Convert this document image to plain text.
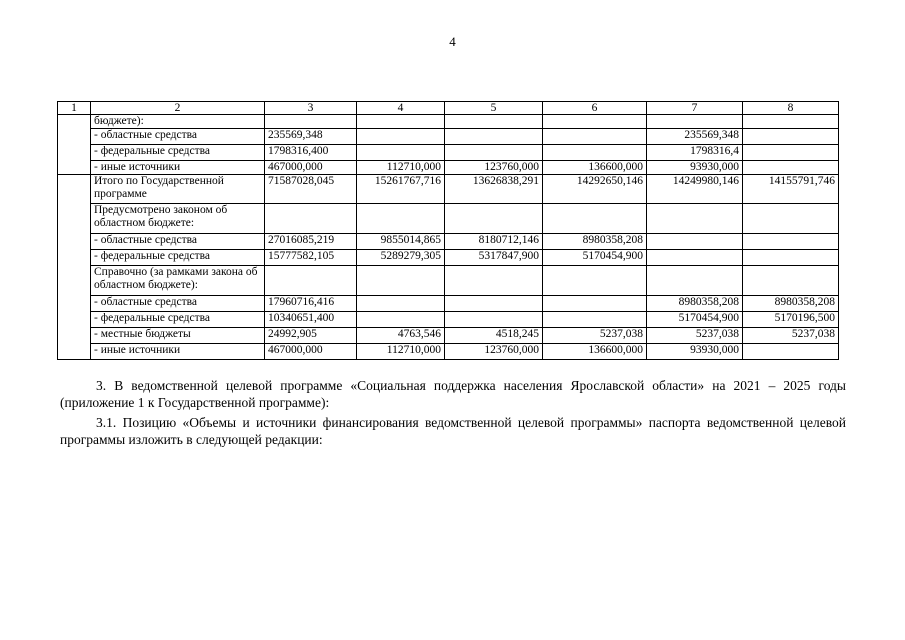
4
1	2	3	4	5	6	7	8
	бюджете):						
	- областные средства	235569,348				235569,348	
	- федеральные средства	1798316,400				1798316,4	
	- иные источники	467000,000	112710,000	123760,000	136600,000	93930,000	
	Итого по Государственной программе	71587028,045	15261767,716	13626838,291	14292650,146	14249980,146	14155791,746
	Предусмотрено законом об областном бюджете:						
	- областные средства	27016085,219	9855014,865	8180712,146	8980358,208		
	- федеральные средства	15777582,105	5289279,305	5317847,900	5170454,900		
	Справочно (за рамками закона об областном бюджете):						
	- областные средства	17960716,416				8980358,208	8980358,208
	- федеральные средства	10340651,400				5170454,900	5170196,500
	- местные бюджеты	24992,905	4763,546	4518,245	5237,038	5237,038	5237,038
	- иные источники	467000,000	112710,000	123760,000	136600,000	93930,000	

3. В ведомственной целевой программе «Социальная поддержка населения Ярославской области» на 2021 – 2025 годы (приложение 1 к Государственной программе):

3.1. Позицию «Объемы и источники финансирования ведомственной целевой программы» паспорта ведомственной целевой программы изложить в следующей редакции:
